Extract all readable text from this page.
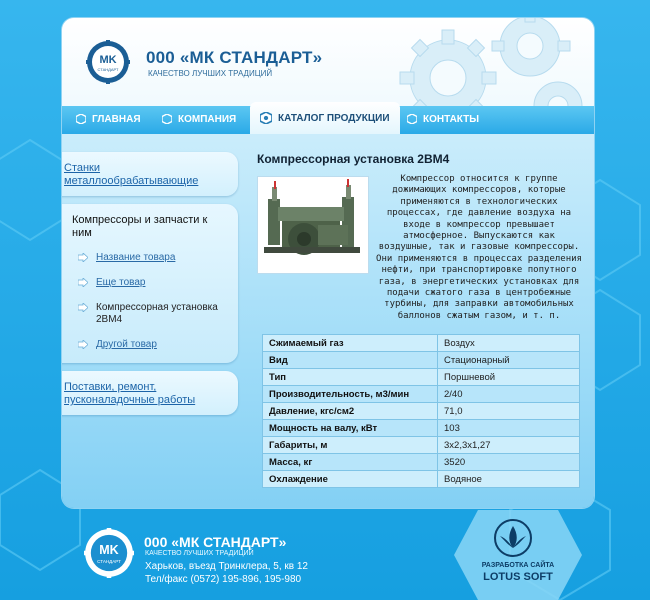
MK
СТАНДАРТ
000 «МК СТАНДАРТ»
КАЧЕСТВО ЛУЧШИХ ТРАДИЦИЙ
ГЛАВНАЯ	КОМПАНИЯ	КАТАЛОГ ПРОДУКЦИИ	КОНТАКТЫ
Станки металлообрабатывающие
Компрессоры и запчасти к ним
Название товара
Еще товар
Компрессорная установка 2ВМ4
Другой товар
Поставки, ремонт, пусконаладочные работы
Компрессорная установка 2ВМ4
Компрессор относится к группе дожимающих компрессоров, которые применяются в технологических процессах, где давление воздуха на входе в компрессор превышает атмосферное. Выпускаются как воздушные, так и газовые компрессоры. Они применяются в процессах разделения нефти, при транспортировке попутного газа, в энергетических установках для подачи сжатого газа в центробежные турбины, для заправки автомобильных баллонов сжатым газом, и т. п.
Сжимаемый газ	Воздух
Вид	Стационарный
Тип	Поршневой
Производительность, м3/мин	2/40
Давление, кгс/см2	71,0
Мощность на валу, кВт	103
Габариты, м	3x2,3x1,27
Масса, кг	3520
Охлаждение	Водяное
MK
СТАНДАРТ
000 «МК СТАНДАРТ»
КАЧЕСТВО ЛУЧШИХ ТРАДИЦИЙ
Харьков, въезд Тринклера, 5, кв 12
Тел/факс (0572) 195-896, 195-980
РАЗРАБОТКА САЙТА
LOTUS SOFT
